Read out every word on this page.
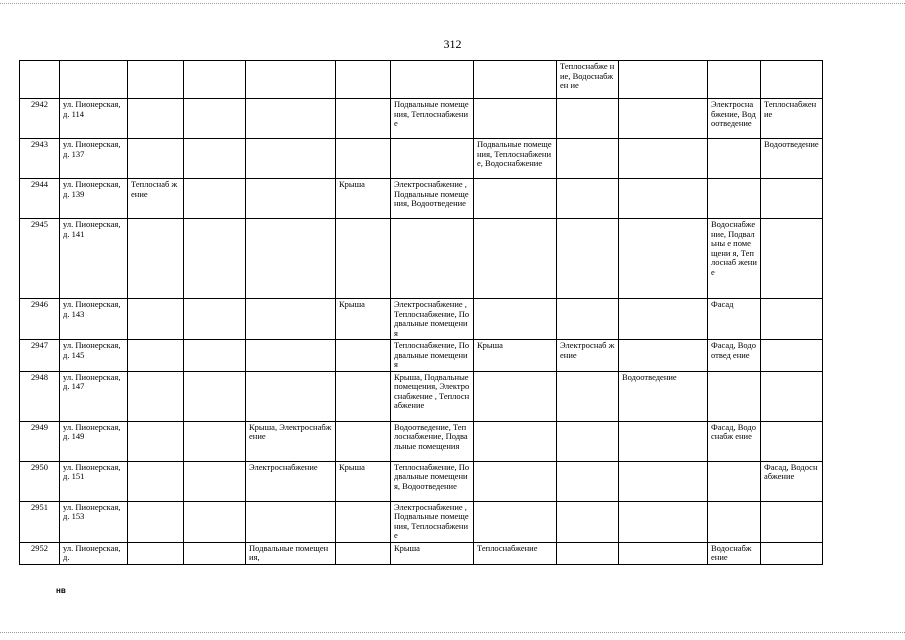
312
								Теплоснабже ние, Водоснабжен ие			
2942	ул. Пионерская, д. 114					Подвальные помещения, Теплоснабжение				Электроснабжение, Водоотведение	Теплоснабжение
2943	ул. Пионерская, д. 137						Подвальные помещения, Теплоснабжение, Водоснабжение				Водоотведение
2944	ул. Пионерская, д. 139	Теплоснаб жение			Крыша	Электроснабжение , Подвальные помещения, Водоотведение					
2945	ул. Пионерская, д. 141									Водоснабже ние, Подвальны е помещени я, Теплоснаб жение	
2946	ул. Пионерская, д. 143				Крыша	Электроснабжение , Теплоснабжение, Подвальные помещения				Фасад	
2947	ул. Пионерская, д. 145					Теплоснабжение, Подвальные помещения	Крыша	Электроснаб жение		Фасад, Водоотвед ение	
2948	ул. Пионерская, д. 147					Крыша, Подвальные помещения, Электроснабжение , Теплоснабжение			Водоотведение		
2949	ул. Пионерская, д. 149			Крыша, Электроснабжение		Водоотведение, Теплоснабжение, Подвальные помещения				Фасад, Водоснабж ение	
2950	ул. Пионерская, д. 151			Электроснабжение	Крыша	Теплоснабжение, Подвальные помещения, Водоотведение					Фасад, Водоснабжение
2951	ул. Пионерская, д. 153					Электроснабжение , Подвальные помещения, Теплоснабжение					
2952	ул. Пионерская, д.			Подвальные помещения,		Крыша	Теплоснабжение			Водоснабж ение	
нв
